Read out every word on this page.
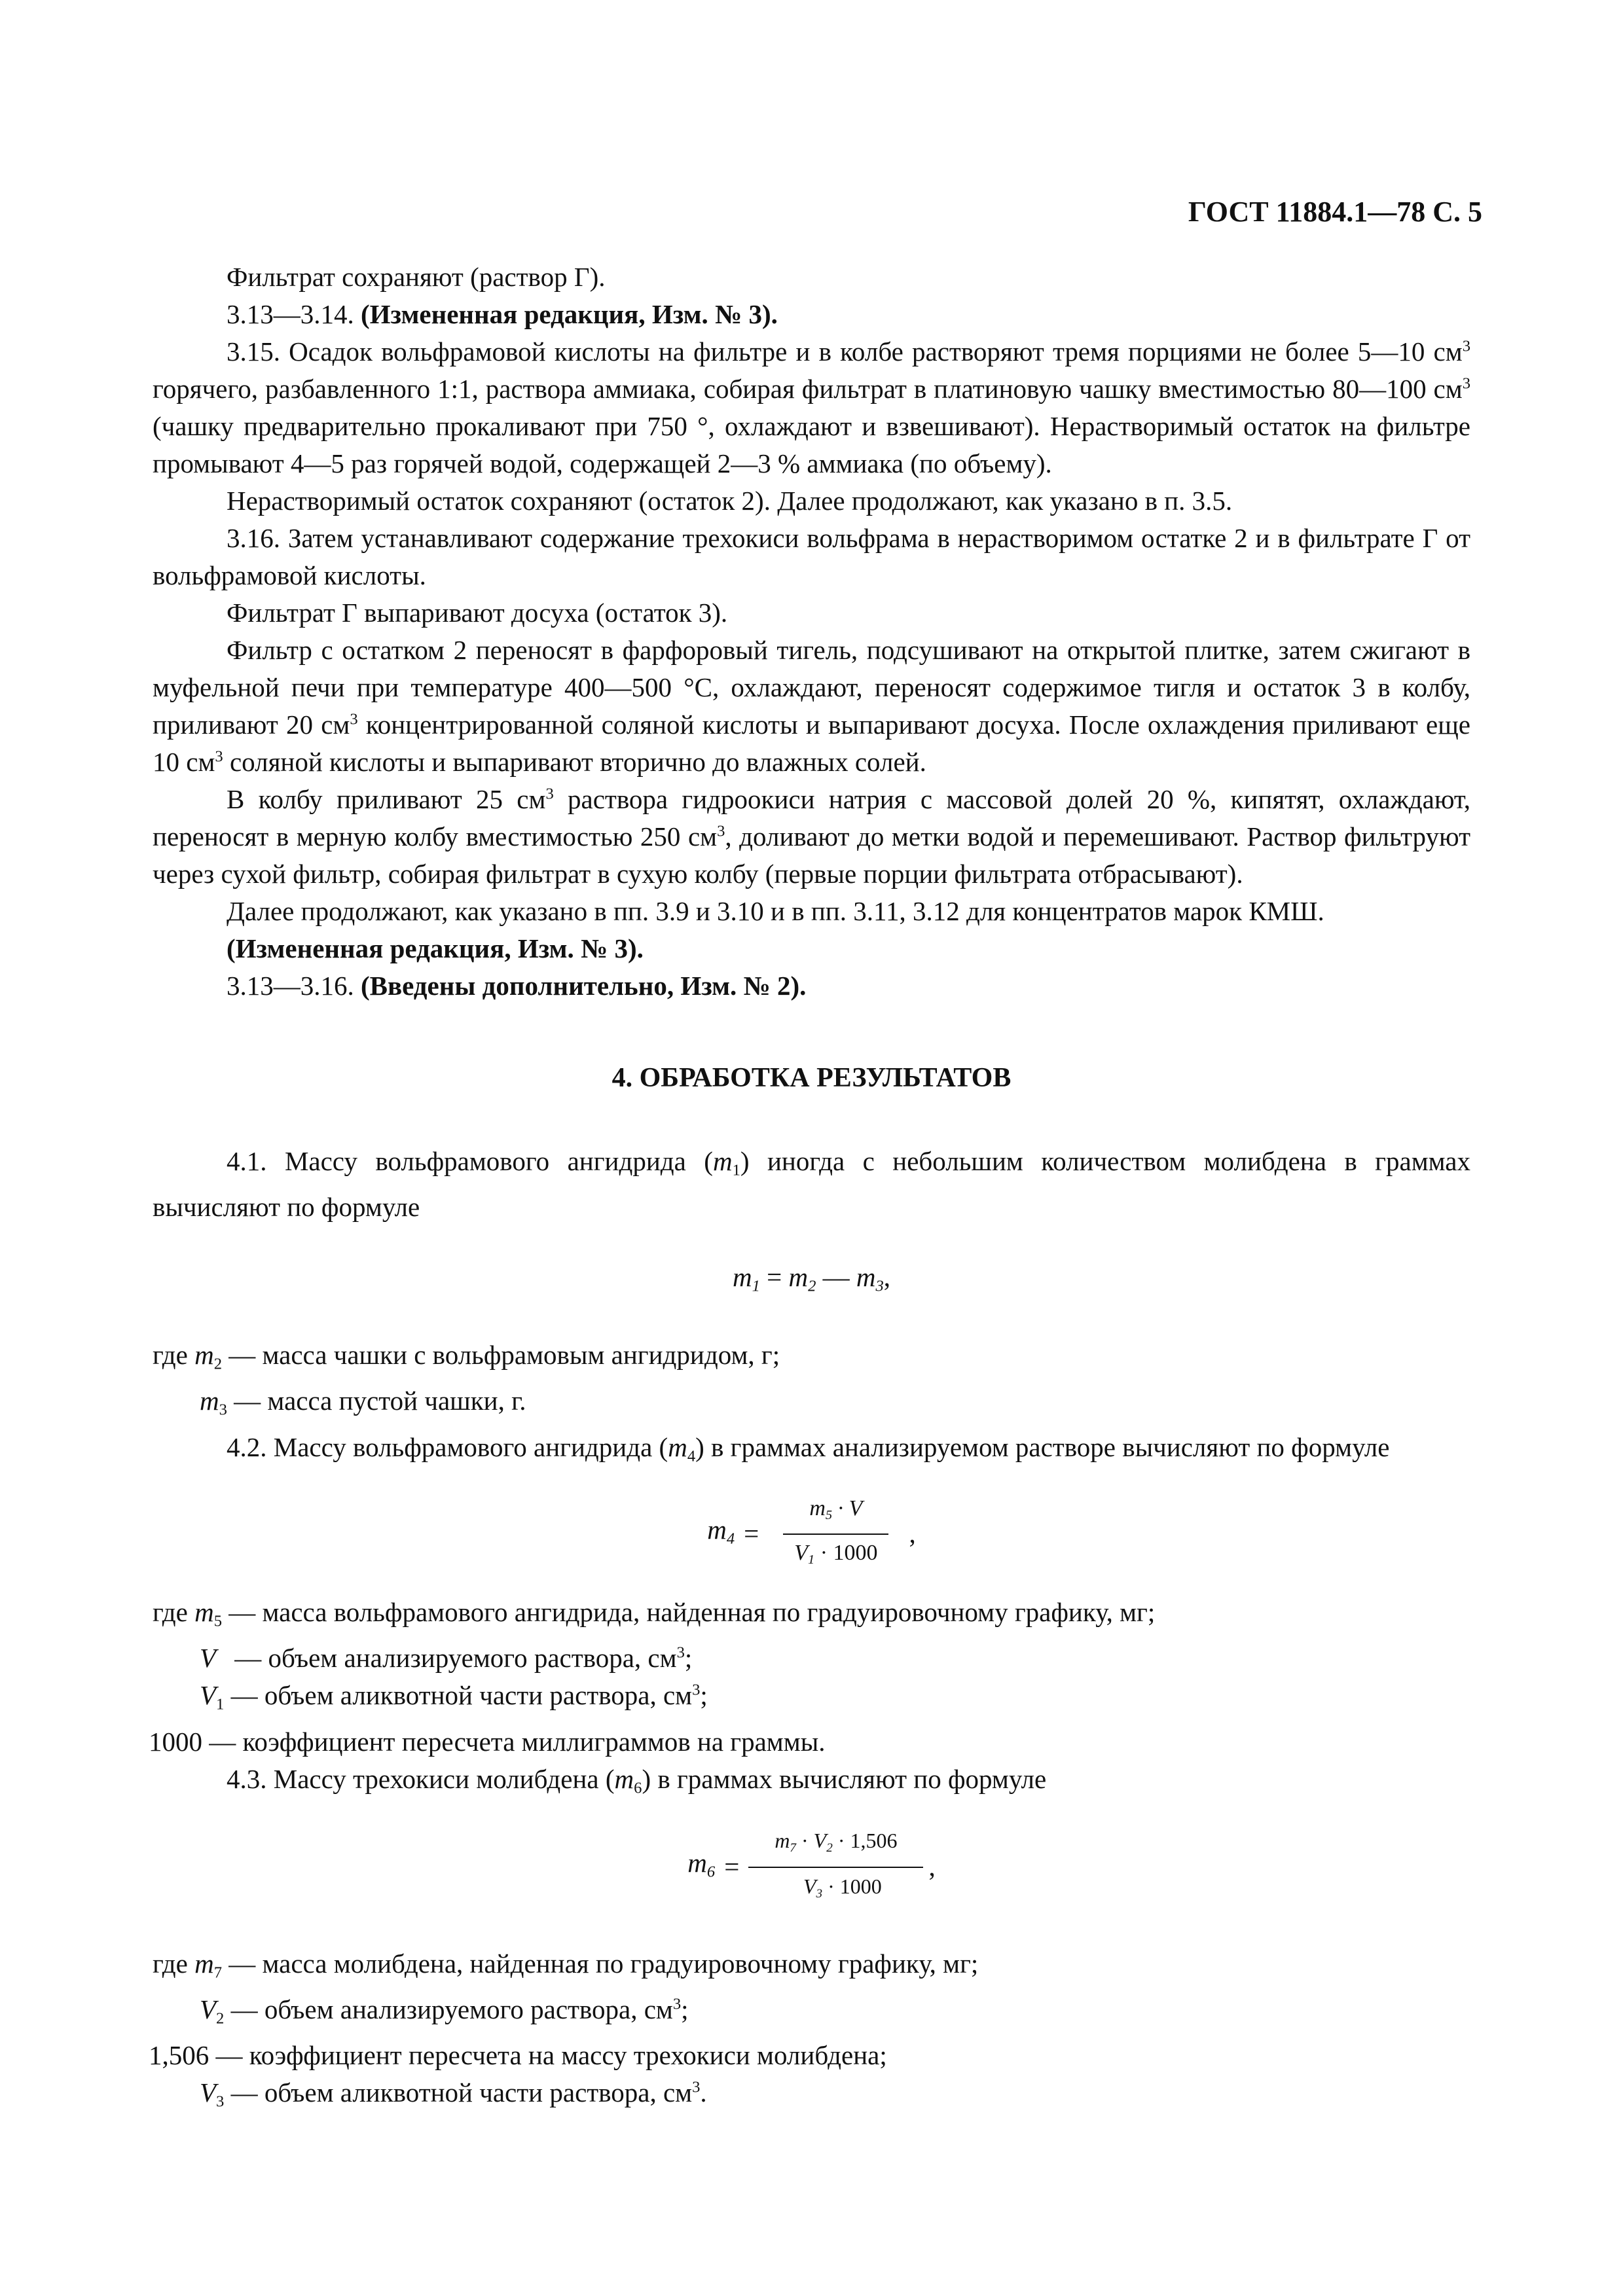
ГОСТ 11884.1—78 С. 5

Фильтрат сохраняют (раствор Г).

3.13—3.14. (Измененная редакция, Изм. № 3).

3.15. Осадок вольфрамовой кислоты на фильтре и в колбе растворяют тремя порциями не более 5—10 $см^3$ горячего, разбавленного 1:1, раствора аммиака, собирая фильтрат в платиновую чашку вместимостью 80—100 $см^3$ (чашку предварительно прокаливают при 750 °, охлаждают и взвешивают). Нерастворимый остаток на фильтре промывают 4—5 раз горячей водой, содержащей 2—3 % аммиака (по объему).

Нерастворимый остаток сохраняют (остаток 2). Далее продолжают, как указано в п. 3.5.

3.16. Затем устанавливают содержание трехокиси вольфрама в нерастворимом остатке 2 и в фильтрате Г от вольфрамовой кислоты.

Фильтрат Г выпаривают досуха (остаток 3).

Фильтр с остатком 2 переносят в фарфоровый тигель, подсушивают на открытой плитке, затем сжигают в муфельной печи при температуре 400—500 °С, охлаждают, переносят содержимое тигля и остаток 3 в колбу, приливают 20 $см^3$ концентрированной соляной кислоты и выпаривают досуха. После охлаждения приливают еще 10 $см^3$ соляной кислоты и выпаривают вторично до влажных солей.

В колбу приливают 25 $см^3$ раствора гидроокиси натрия с массовой долей 20 %, кипятят, охлаждают, переносят в мерную колбу вместимостью 250 $см^3$, доливают до метки водой и перемешивают. Раствор фильтруют через сухой фильтр, собирая фильтрат в сухую колбу (первые порции фильтрата отбрасывают).

Далее продолжают, как указано в пп. 3.9 и 3.10 и в пп. 3.11, 3.12 для концентратов марок КМШ.

(Измененная редакция, Изм. № 3).

3.13—3.16. (Введены дополнительно, Изм. № 2).

4. ОБРАБОТКА РЕЗУЛЬТАТОВ

4.1. Массу вольфрамового ангидрида $(m_1)$ иногда с небольшим количеством молибдена в граммах вычисляют по формуле

$m_1 = m_2$ — $m_3$,
где $m_2$ — масса чашки с вольфрамовым ангидридом, г;
$m_3$ — масса пустой чашки, г.

4.2. Массу вольфрамового ангидрида $(m_4)$ в граммах анализируемом растворе вычисляют по формуле

$m_4 = \frac{m_5 \cdot V}{V_1 \cdot 1000}$ ,
где $m_5$ — масса вольфрамового ангидрида, найденная по градуировочному графику, мг;
V — объем анализируемого раствора, $см^3$;
$V_1$ — объем аликвотной части раствора, $см^3$;
1000 — коэффициент пересчета миллиграммов на граммы.

4.3. Массу трехокиси молибдена $(m_6)$ в граммах вычисляют по формуле

$m_6 = \frac{m_7 \cdot V_2 \cdot 1,506}{V_3 \cdot 1000}$ ,
где $m_7$ — масса молибдена, найденная по градуировочному графику, мг;
$V_2$ — объем анализируемого раствора, $см^3$;
1,506 — коэффициент пересчета на массу трехокиси молибдена;
$V_3$ — объем аликвотной части раствора, $см^3$.
